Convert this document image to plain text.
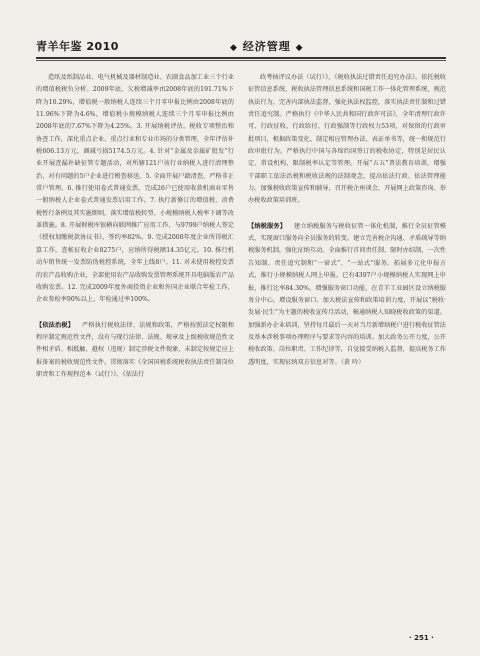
青羊年鉴 2010	◆ 经济管理 ◆

造纸及纸制品业、电气机械及器材制造业、农副食品加工业三个行业的增值税税负分析。2009年底，欠税增减率由2008年底的191.71%下降为10.29%，增值税一般纳税人连续三个月零申报比例由2008年底的11.96%下降为4.6%，增值税小规模纳税人连续三个月零申报比例由2008年底的7.67%下降为4.25%。3. 开展纳税评估。税收专项整治和协查工作，深化重点企业、重点行业和专业市场的分类管理，全年评估补税606.13万元，调减亏损5174.5万元。4. 针对“金属及金属矿批发”行业开展查漏补缺征管专题活动，对所辖121户该行业纳税人进行清理整治，对有问题的5户企业进行稽查移送。5. 全面开展户籍清查，严格非正常户管理。6. 推行使用卷式普通发票，完成26户已使用收款机商业零售一般纳税人企业卷式普通发票启用工作。7. 执行新修订的增值税、消费税暂行条例及其实施细则，落实增值税转型、小规模纳税人税率下调等改革措施。8. 开展财税库银横向联网推广应用工作，与9799户纳税人签定《授权划缴税款协议书》，签约率82%。9. 完成2008年度企业所得税汇算工作，查帐征收企业8275户，应纳所得税额14.35亿元。10. 推行机动车销售统一发票防伪税控系统，全年上线8户。11. 对未使用税控发票的农产品收购企业，全部使用农产品收购发票管理系统开具电脑版农产品收购发票。12. 完成2009年度外商投资企业和外国企业联合年检工作，企业参检率90%以上，年检通过率100%。

【依法治税】 严格执行税收法律、法规和政策，严格按照法定权限和程序制定规范性文件，没有与现行法律、法规、规章及上级税收规范性文件相矛盾、相抵触、越权（违规）制定涉税文件现象，未制定按规定应上报备案的税收规范性文件。贯彻落实《全国国税系统税收执法责任制岗位职责和工作规程范本（试行）》、《依法行

政考核评议办法（试行）》、《税收执法过错责任追究办法》，依托税收征管信息系统、税收执法管理信息系统和国税工作一体化管理系统，规范执法行为，完善内部执法监督，强化执法权监控，落实执法责任制和过错责任追究制。严格执行《中华人民共和国行政许可法》，全年清理行政许可、行政征收、行政给付、行政强制等行政权力53项，对保留的行政审批项目，根据政策变化，制定相应管理办法、表证单书等，统一和规范行政审批行为。严格执行中国与各缔约国签订的税收协定，特别是居民认定、常设机构、限制税率认定等管理。开展“五五”普法教育培训，增强干部职工依法治税和税收法规的法制观念，提高依法行政、依法管理能力。加强税收政策宣传和辅导，召开税企座谈会，开展网上政策咨询、举办税收政策培训班。

【纳税服务】 建立纳税服务与税收征管一体化机制，推行全员征管模式，实现窗口服务向全员服务的转变。建立完善税企沟通、矛盾疏导等纳税服务机制，强化征纳互动。全面推行首问责任制、限时办结制、一次性告知制、责任追究制和“一窗式”、“一站式”服务。拓展多元化申报方式，推行小规模纳税人网上申报，已有4397户小规模纳税人实现网上申报，推行比率84.30%。增强服务窗口功能，在青羊工业园区设立纳税服务分中心，增设服务窗口。加大税法宣传和政策培训力度，开展以“税收·发展·民生”为主题的税收宣传月活动，畅通纳税人知晓税收政策的渠道。加强新办企业培训，坚持每月最后一天对当月新增纳税户进行税收征管法及基本涉税事项办理程序与要求等内容的培训。加大政务公开力度，公开税收政策、岗位职责、工作纪律等，自觉接受纳税人监督，提高税务工作透明度，实现征纳双方信息对等。（黄 吟）

· 251 ·
